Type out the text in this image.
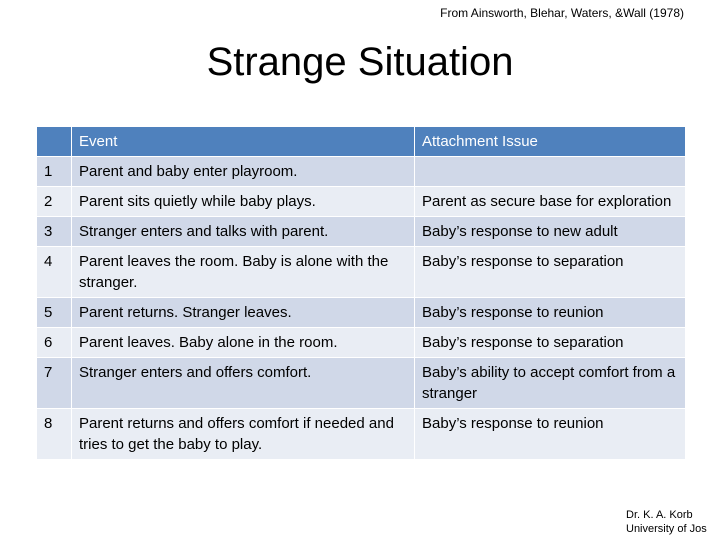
From Ainsworth, Blehar, Waters, &Wall (1978)
Strange Situation
	Event	Attachment Issue
1	Parent and baby enter playroom.	
2	Parent sits quietly while baby plays.	Parent as secure base for exploration
3	Stranger enters and talks with parent.	Baby’s response to new adult
4	Parent leaves the room. Baby is alone with the stranger.	Baby’s response to separation
5	Parent returns. Stranger leaves.	Baby’s response to reunion
6	Parent leaves. Baby alone in the room.	Baby’s response to separation
7	Stranger enters and offers comfort.	Baby’s ability to accept comfort from a stranger
8	Parent returns and offers comfort if needed and tries to get the baby to play.	Baby’s response to reunion
Dr. K. A. Korb
University of Jos
